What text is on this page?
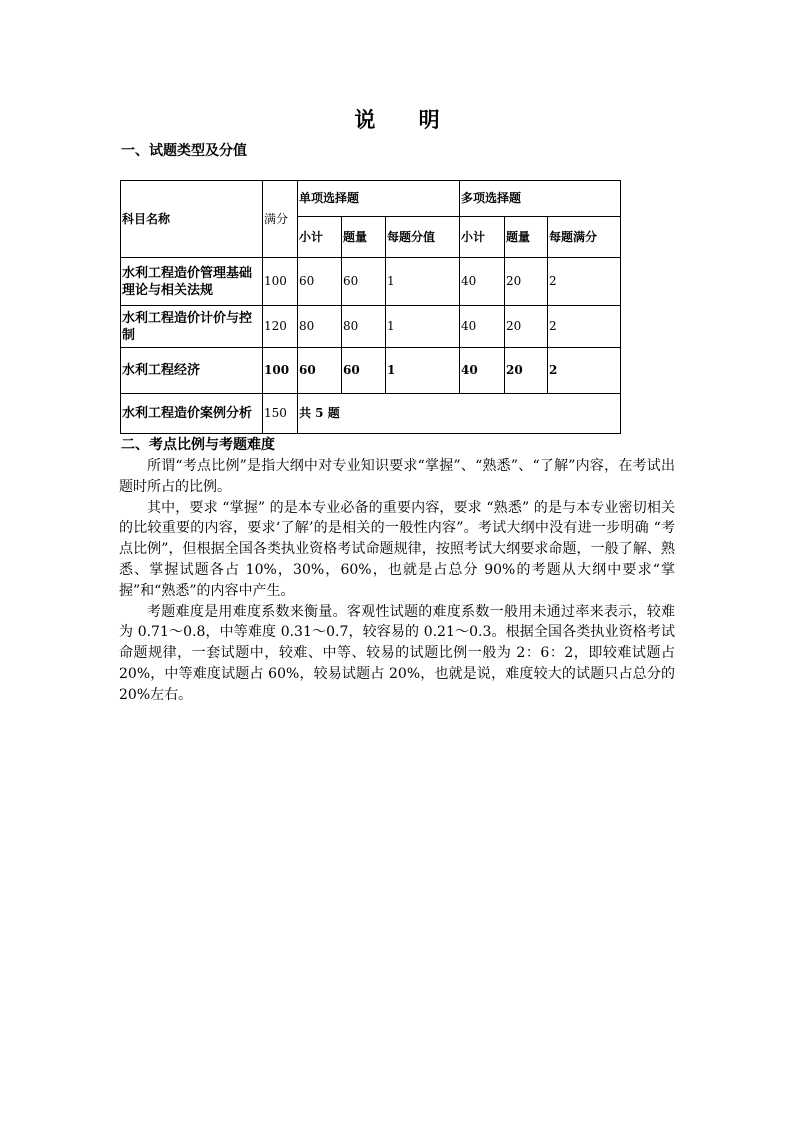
说 明
一、试题类型及分值
科目名称	满分	单项选择题			多项选择题		
		小计	题量	每题分值	小计	题量	每题满分
水利工程造价管理基础理论与相关法规	100	60	60	1	40	20	2
水利工程造价计价与控制	120	80	80	1	40	20	2
水利工程经济	100	60	60	1	40	20	2
水利工程造价案例分析	150	共 5 题					
二、考点比例与考题难度

所谓“考点比例”是指大纲中对专业知识要求“掌握”、“熟悉”、“了解”内容，在考试出题时所占的比例。

其中，要求 “掌握” 的是本专业必备的重要内容，要求 “熟悉” 的是与本专业密切相关的比较重要的内容，要求‘了解’的是相关的一般性内容”。考试大纲中没有进一步明确 “考点比例”，但根据全国各类执业资格考试命题规律，按照考试大纲要求命题，一般了解、熟悉、掌握试题各占 10%，30%，60%，也就是占总分 90%的考题从大纲中要求“掌握”和“熟悉”的内容中产生。

考题难度是用难度系数来衡量。客观性试题的难度系数一般用未通过率来表示，较难为 0.71～0.8，中等难度 0.31～0.7，较容易的 0.21～0.3。根据全国各类执业资格考试命题规律，一套试题中，较难、中等、较易的试题比例一般为 2：6：2，即较难试题占 20%，中等难度试题占 60%，较易试题占 20%，也就是说，难度较大的试题只占总分的 20%左右。
